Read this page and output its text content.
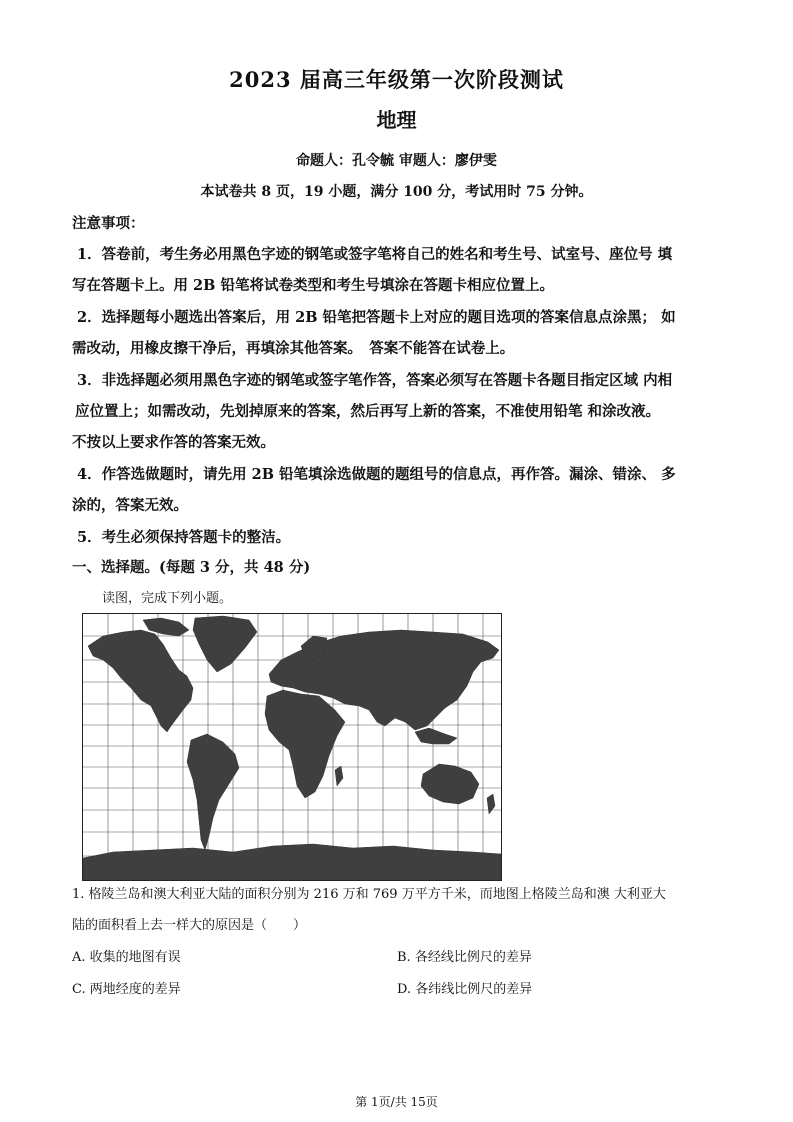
2023 届高三年级第一次阶段测试
地理
命题人：孔令毓 审题人：廖伊雯
本试卷共 8 页，19 小题，满分 100 分，考试用时 75 分钟。
注意事项：
1．答卷前，考生务必用黑色字迹的钢笔或签字笔将自己的姓名和考生号、试室号、座位号 填
写在答题卡上。用 2B 铅笔将试卷类型和考生号填涂在答题卡相应位置上。
2．选择题每小题选出答案后，用 2B 铅笔把答题卡上对应的题目选项的答案信息点涂黑； 如
需改动，用橡皮擦干净后，再填涂其他答案。　答案不能答在试卷上。
3．非选择题必须用黑色字迹的钢笔或签字笔作答，答案必须写在答题卡各题目指定区域 内相
应位置上；如需改动，先划掉原来的答案，然后再写上新的答案，不准使用铅笔 和涂改液。
不按以上要求作答的答案无效。
4．作答选做题时，请先用 2B 铅笔填涂选做题的题组号的信息点，再作答。漏涂、错涂、 多
涂的，答案无效。
5．考生必须保持答题卡的整洁。
一、选择题。(每题 3 分，共 48 分)
读图，完成下列小题。
1. 格陵兰岛和澳大利亚大陆的面积分别为 216 万和 769 万平方千米，而地图上格陵兰岛和澳 大利亚大
陆的面积看上去一样大的原因是（　　）
A. 收集的地图有误	B. 各经线比例尺的差异
C. 两地经度的差异	D. 各纬线比例尺的差异
第 1页/共 15页
